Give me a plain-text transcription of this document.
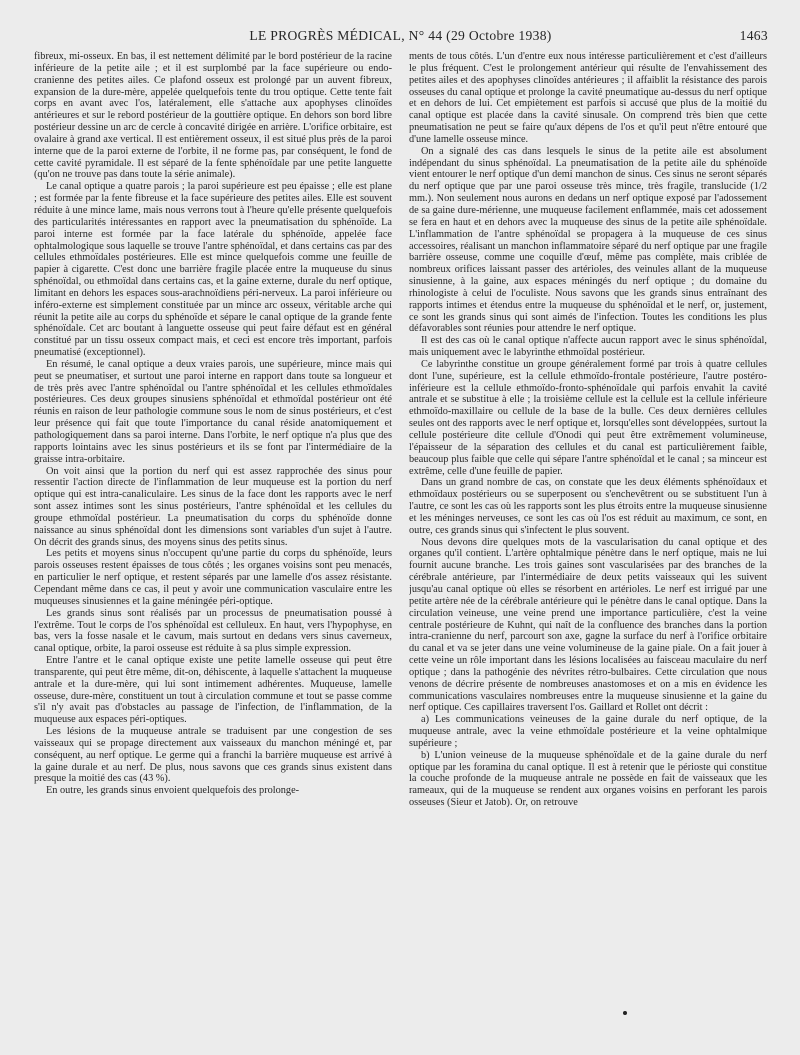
LE PROGRÈS MÉDICAL, N° 44 (29 Octobre 1938)	1463

fibreux, mi-osseux. En bas, il est nettement délimité par le bord postérieur de la racine inférieure de la petite aile ; et il est surplombé par la face supérieure ou endo-cranienne des petites ailes. Ce plafond osseux est prolongé par un auvent fibreux, expansion de la dure-mère, appelée quelquefois tente du trou optique. Cette tente fait corps en avant avec l'os, latéralement, elle s'attache aux apophyses clinoïdes antérieures et sur le rebord postérieur de la gouttière optique. En dehors son bord libre postérieur dessine un arc de cercle à concavité dirigée en arrière. L'orifice orbitaire, est ovalaire à grand axe vertical. Il est entièrement osseux, il est situé plus près de la paroi interne que de la paroi externe de l'orbite, il ne forme pas, par conséquent, le fond de cette cavité pyramidale. Il est séparé de la fente sphénoïdale par une petite languette (qu'on ne trouve pas dans toute la série animale).

Le canal optique a quatre parois ; la paroi supérieure est peu épaisse ; elle est plane ; est formée par la fente fibreuse et la face supérieure des petites ailes. Elle est souvent réduite à une mince lame, mais nous verrons tout à l'heure qu'elle présente quelquefois des particularités intéressantes en rapport avec la pneumatisation du sphénoïde. La paroi interne est formée par la face latérale du sphénoïde, appelée face ophtalmologique sous laquelle se trouve l'antre sphénoïdal, et dans certains cas par des cellules ethmoïdales postérieures. Elle est mince quelquefois comme une feuille de papier à cigarette. C'est donc une barrière fragile placée entre la muqueuse du sinus sphénoïdal, ou ethmoïdal dans certains cas, et la gaine externe, durale du nerf optique, limitant en dehors les espaces sous-arachnoïdiens péri-nerveux. La paroi inférieure ou inféro-externe est simplement constituée par un mince arc osseux, véritable arche qui réunit la petite aile au corps du sphénoïde et sépare le canal optique de la grande fente sphénoïdale. Cet arc boutant à languette osseuse qui peut faire défaut est en général constitué par un tissu osseux compact mais, et ceci est encore très important, parfois pneumatisé (exceptionnel).

En résumé, le canal optique a deux vraies parois, une supérieure, mince mais qui peut se pneumatiser, et surtout une paroi interne en rapport dans toute sa longueur et de très près avec l'antre sphénoïdal ou l'antre sphénoïdal et les cellules ethmoïdales postérieures. Ces deux groupes sinusiens sphénoïdal et ethmoïdal postérieur ont été réunis en raison de leur pathologie commune sous le nom de sinus postérieurs, et c'est leur présence qui fait que toute l'importance du canal réside anatomiquement et pathologiquement dans sa paroi interne. Dans l'orbite, le nerf optique n'a plus que des rapports lointains avec les sinus postérieurs et ils se font par l'intermédiaire de la graisse intra-orbitaire.

On voit ainsi que la portion du nerf qui est assez rapprochée des sinus pour ressentir l'action directe de l'inflammation de leur muqueuse est la portion du nerf optique qui est intra-canaliculaire. Les sinus de la face dont les rapports avec le nerf sont assez intimes sont les sinus postérieurs, l'antre sphénoïdal et les cellules du groupe ethmoïdal postérieur. La pneumatisation du corps du sphénoïde donne naissance au sinus sphénoïdal dont les dimensions sont variables d'un sujet à l'autre. On décrit des grands sinus, des moyens sinus des petits sinus.

Les petits et moyens sinus n'occupent qu'une partie du corps du sphénoïde, leurs parois osseuses restent épaisses de tous côtés ; les organes voisins sont peu menacés, en particulier le nerf optique, et restent séparés par une lamelle d'os assez résistante. Cependant même dans ce cas, il peut y avoir une communication vasculaire entre les muqueuses sinusiennes et la gaine méningée péri-optique.

Les grands sinus sont réalisés par un processus de pneumatisation poussé à l'extrême. Tout le corps de l'os sphénoïdal est celluleux. En haut, vers l'hypophyse, en bas, vers la fosse nasale et le cavum, mais surtout en dedans vers sinus caverneux, canal optique, orbite, la paroi osseuse est réduite à sa plus simple expression.

Entre l'antre et le canal optique existe une petite lamelle osseuse qui peut être transparente, qui peut être même, dit-on, déhiscente, à laquelle s'attachent la muqueuse antrale et la dure-mère, qui lui sont intimement adhérentes. Muqueuse, lamelle osseuse, dure-mère, constituent un tout à circulation commune et tout se passe comme s'il n'y avait pas d'obstacles au passage de l'infection, de l'inflammation, de la muqueuse aux espaces péri-optiques.

Les lésions de la muqueuse antrale se traduisent par une congestion de ses vaisseaux qui se propage directement aux vaisseaux du manchon méningé et, par conséquent, au nerf optique. Le germe qui a franchi la barrière muqueuse est arrivé à la gaine durale et au nerf. De plus, nous savons que ces grands sinus existent dans presque la moitié des cas (43 %).

En outre, les grands sinus envoient quelquefois des prolonge-

ments de tous côtés. L'un d'entre eux nous intéresse particulièrement et c'est d'ailleurs le plus fréquent. C'est le prolongement antérieur qui résulte de l'envahissement des petites ailes et des apophyses clinoïdes antérieures ; il affaiblit la résistance des parois osseuses du canal optique et prolonge la cavité pneumatique au-dessus du nerf optique et en dehors de lui. Cet empiètement est parfois si accusé que plus de la moitié du canal optique est placée dans la cavité sinusale. On comprend très bien que cette pneumatisation ne peut se faire qu'aux dépens de l'os et qu'il peut n'être entouré que d'une lamelle osseuse mince.

On a signalé des cas dans lesquels le sinus de la petite aile est absolument indépendant du sinus sphénoïdal. La pneumatisation de la petite aile du sphénoïde vient entourer le nerf optique d'un demi manchon de sinus. Ces sinus ne seront séparés du nerf optique que par une paroi osseuse très mince, très fragile, translucide (1/2 mm.). Non seulement nous aurons en dedans un nerf optique exposé par l'adossement de sa gaine dure-mérienne, une muqueuse facilement enflammée, mais cet adossement se fera en haut et en dehors avec la muqueuse des sinus de la petite aile sphénoïdale. L'inflammation de l'antre sphénoïdal se propagera à la muqueuse de ces sinus accessoires, réalisant un manchon inflammatoire séparé du nerf optique par une fragile barrière osseuse, comme une coquille d'œuf, même pas complète, mais criblée de nombreux orifices laissant passer des artérioles, des veinules allant de la muqueuse sinusienne, à la gaine, aux espaces méningés du nerf optique ; du domaine du rhinologiste à celui de l'oculiste. Nous savons que les grands sinus entraînant des rapports intimes et étendus entre la muqueuse du sphénoïdal et le nerf, or, justement, ce sont les grands sinus qui sont aimés de l'infection. Toutes les conditions les plus défavorables sont réunies pour attendre le nerf optique.

Il est des cas où le canal optique n'affecte aucun rapport avec le sinus sphénoïdal, mais uniquement avec le labyrinthe ethmoïdal postérieur.

Ce labyrinthe constitue un groupe généralement formé par trois à quatre cellules dont l'une, supérieure, est la cellule ethmoïdo-frontale postérieure, l'autre postéro-inférieure est la cellule ethmoïdo-fronto-sphénoïdale qui parfois envahit la cavité antrale et se substitue à elle ; la troisième cellule est la cellule est la cellule inférieure ethmoïdo-maxillaire ou cellule de la base de la bulle. Ces deux dernières cellules seules ont des rapports avec le nerf optique et, lorsqu'elles sont développées, surtout la cellule postérieure dite cellule d'Onodi qui peut être extrêmement volumineuse, l'épaisseur de la séparation des cellules et du canal est particulièrement faible, beaucoup plus faible que celle qui sépare l'antre sphénoïdal et le canal ; sa minceur est extrême, celle d'une feuille de papier.

Dans un grand nombre de cas, on constate que les deux éléments sphénoïdaux et ethmoïdaux postérieurs ou se superposent ou s'enchevêtrent ou se substituent l'un à l'autre, ce sont les cas où les rapports sont les plus étroits entre la muqueuse sinusienne et les méninges nerveuses, ce sont les cas où l'os est réduit au maximum, ce sont, en outre, ces grands sinus qui s'infectent le plus souvent.

Nous devons dire quelques mots de la vascularisation du canal optique et des organes qu'il contient. L'artère ophtalmique pénètre dans le nerf optique, mais ne lui fournit aucune branche. Les trois gaines sont vascularisées par des branches de la cérébrale antérieure, par l'intermédiaire de deux petits vaisseaux qui les suivent jusqu'au canal optique où elles se résorbent en artérioles. Le nerf est irrigué par une petite artère née de la cérébrale antérieure qui le pénètre dans le canal optique. Dans la circulation veineuse, une veine prend une importance particulière, c'est la veine centrale postérieure de Kuhnt, qui naît de la confluence des branches dans la portion intra-cranienne du nerf, parcourt son axe, gagne la surface du nerf à l'orifice orbitaire du canal et va se jeter dans une veine volumineuse de la gaine piale. On a fait jouer à cette veine un rôle important dans les lésions localisées au faisceau maculaire du nerf optique ; dans la pathogénie des névrites rétro-bulbaires. Cette circulation que nous venons de décrire présente de nombreuses anastomoses et on a mis en évidence les communications vasculaires nombreuses entre la muqueuse sinusienne et la gaine du nerf optique. Ces capillaires traversent l'os. Gaillard et Rollet ont décrit :

a) Les communications veineuses de la gaine durale du nerf optique, de la muqueuse antrale, avec la veine ethmoïdale postérieure et la veine ophtalmique supérieure ;

b) L'union veineuse de la muqueuse sphénoïdale et de la gaine durale du nerf optique par les foramina du canal optique. Il est à retenir que le périoste qui constitue la couche profonde de la muqueuse antrale ne possède en fait de vaisseaux que les rameaux, qui de la muqueuse se rendent aux organes voisins en perforant les parois osseuses (Sieur et Jatob). Or, on retrouve
